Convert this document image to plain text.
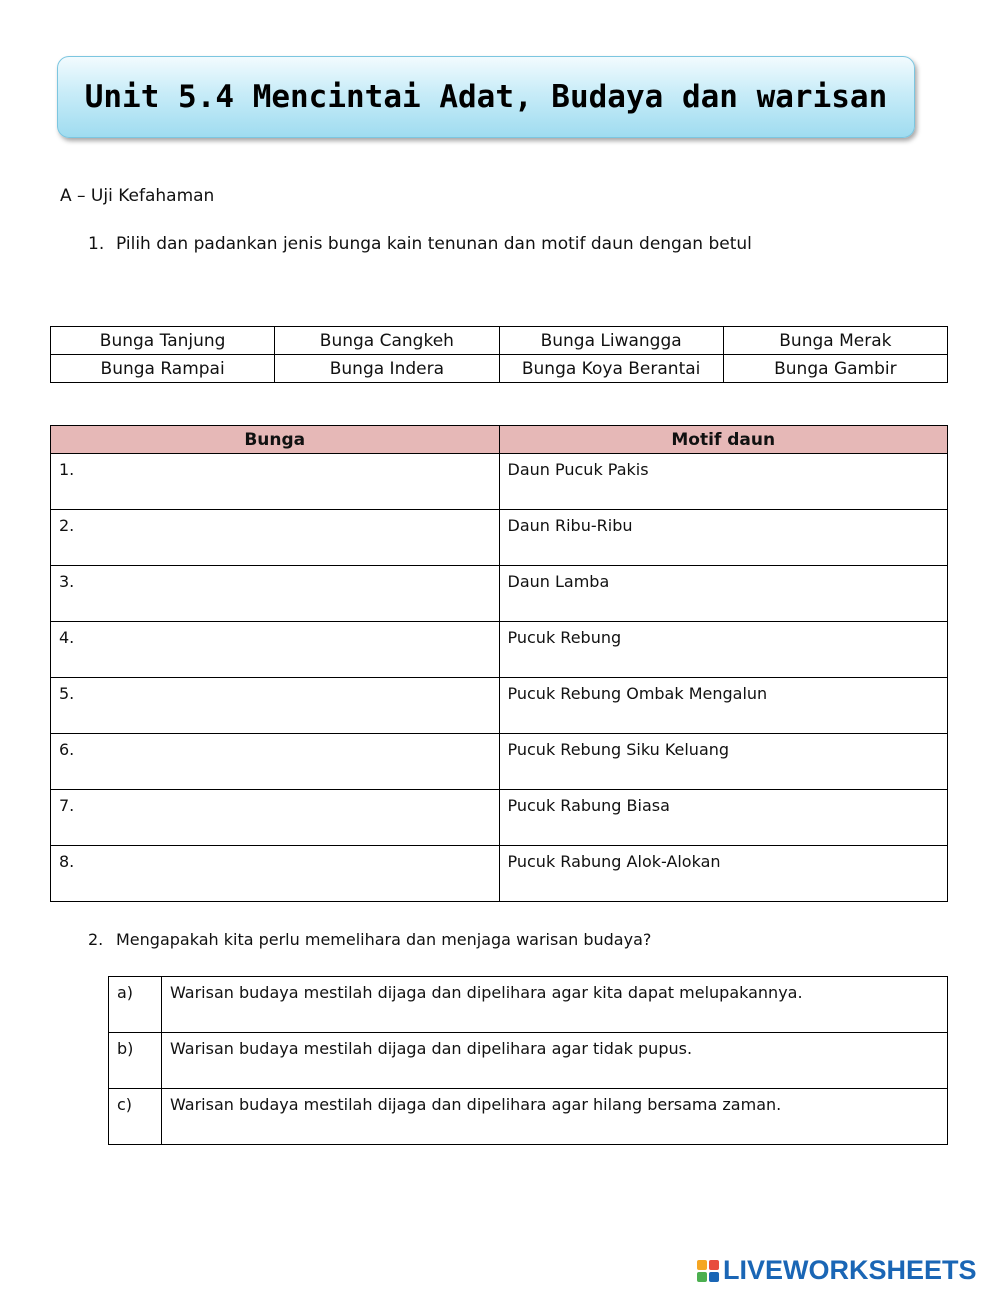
Unit 5.4 Mencintai Adat, Budaya dan warisan
A – Uji Kefahaman
1. Pilih dan padankan jenis bunga kain tenunan dan motif daun dengan betul
Bunga Tanjung	Bunga Cangkeh	Bunga Liwangga	Bunga Merak
Bunga Rampai	Bunga Indera	Bunga Koya Berantai	Bunga Gambir
Bunga	Motif daun
1.	Daun Pucuk Pakis
2.	Daun Ribu-Ribu
3.	Daun Lamba
4.	Pucuk Rebung
5.	Pucuk Rebung Ombak Mengalun
6.	Pucuk Rebung Siku Keluang
7.	Pucuk Rabung Biasa
8.	Pucuk Rabung Alok-Alokan
2. Mengapakah kita perlu memelihara dan menjaga warisan budaya?
a)	Warisan budaya mestilah dijaga dan dipelihara agar kita dapat melupakannya.
b)	Warisan budaya mestilah dijaga dan dipelihara agar tidak pupus.
c)	Warisan budaya mestilah dijaga dan dipelihara agar hilang bersama zaman.
LIVEWORKSHEETS
